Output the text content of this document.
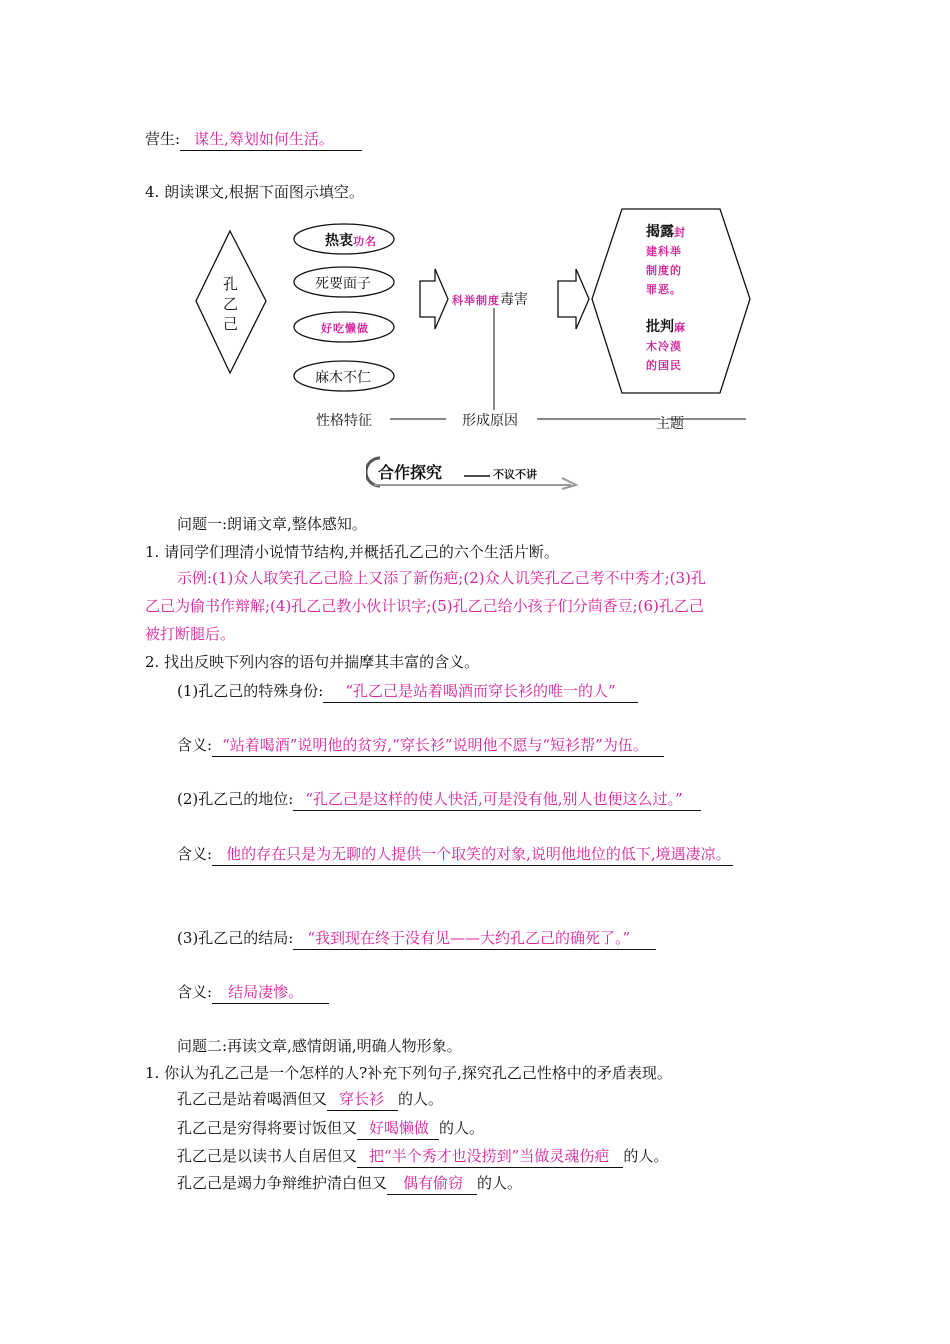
营生: 谋生,筹划如何生活。
4. 朗读课文,根据下面图示填空。
孔
乙
己
热衷功名
死要面子
好吃懒做
麻木不仁
科举制度毒害
揭露封
建科举
制度的
罪恶。
批判麻
木冷漠
的国民
性格特征	形成原因	主题
合作探究	不议不讲
问题一:朗诵文章,整体感知。
1. 请同学们理清小说情节结构,并概括孔乙己的六个生活片断。
示例:(1)众人取笑孔乙己脸上又添了新伤疤;(2)众人讥笑孔乙己考不中秀才;(3)孔
乙己为偷书作辩解;(4)孔乙己教小伙计识字;(5)孔乙己给小孩子们分茴香豆;(6)孔乙己
被打断腿后。
2. 找出反映下列内容的语句并揣摩其丰富的含义。
(1)孔乙己的特殊身份: “孔乙己是站着喝酒而穿长衫的唯一的人”
含义: “站着喝酒”说明他的贫穷,“穿长衫”说明他不愿与“短衫帮”为伍。
(2)孔乙己的地位: “孔乙己是这样的使人快活,可是没有他,别人也便这么过。”
含义: 他的存在只是为无聊的人提供一个取笑的对象,说明他地位的低下,境遇凄凉。
(3)孔乙己的结局: “我到现在终于没有见——大约孔乙己的确死了。”
含义: 结局凄惨。
问题二:再读文章,感情朗诵,明确人物形象。
1. 你认为孔乙己是一个怎样的人?补充下列句子,探究孔乙己性格中的矛盾表现。
孔乙己是站着喝酒但又 穿长衫 的人。
孔乙己是穷得将要讨饭但又 好喝懒做 的人。
孔乙己是以读书人自居但又 把“半个秀才也没捞到”当做灵魂伤疤 的人。
孔乙己是竭力争辩维护清白但又 偶有偷窃 的人。
